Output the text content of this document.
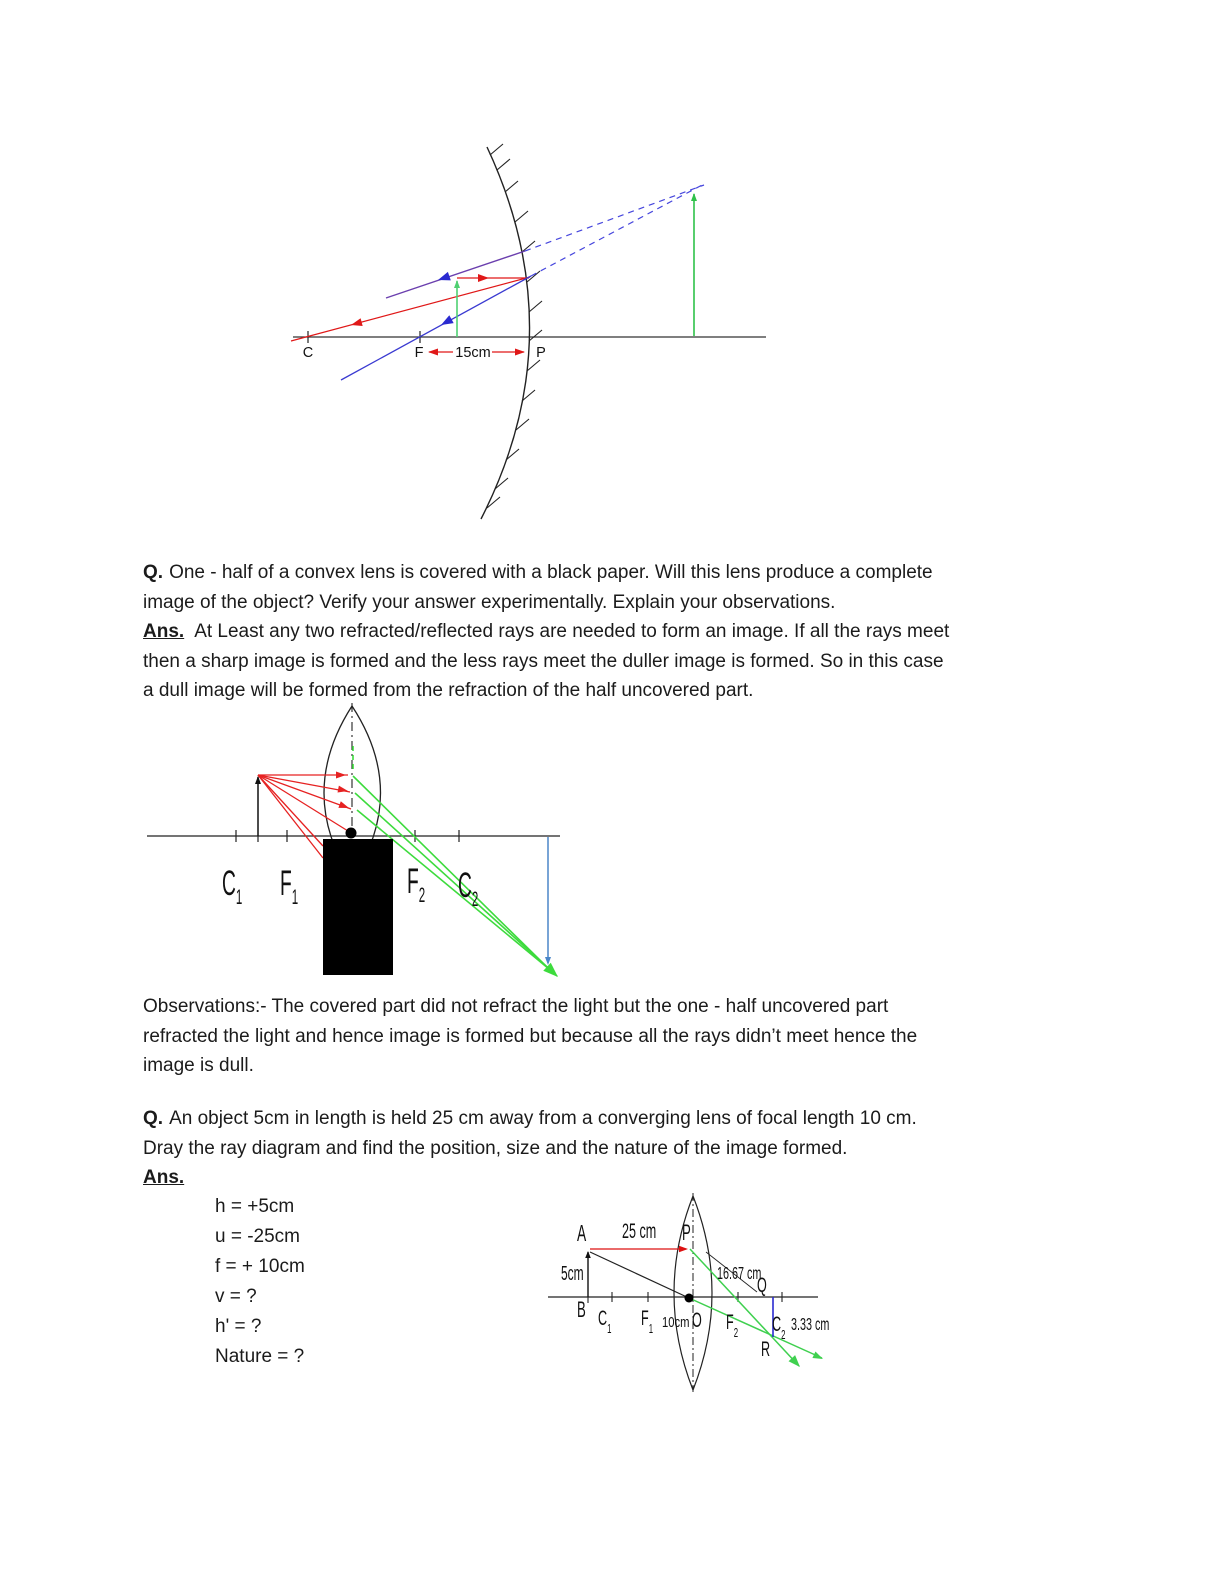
C	F	P
15cm
Q. One - half of a convex lens is covered with a black paper. Will this lens produce a complete
image of the object? Verify your answer experimentally. Explain your observations.
Ans. At Least any two refracted/reflected rays are needed to form an image. If all the rays meet
then a sharp image is formed and the less rays meet the duller image is formed. So in this case
a dull image will be formed from the refraction of the half uncovered part.
$C_1$ $F_1$	$F_2$ $C_2$
Observations:- The covered part did not refract the light but the one - half uncovered part
refracted the light and hence image is formed but because all the rays didn’t meet hence the
image is dull.
Q. An object 5cm in length is held 25 cm away from a converging lens of focal length 10 cm.
Dray the ray diagram and find the position, size and the nature of the image formed.
Ans.
h = +5cm
u = -25cm
f = + 10cm
v = ?
h' = ?
Nature = ?
A 25 cm P
5cm
B $C_1$ $F_1$ 10cm O $F_2$ $C_2$
3.33 cm
16.67 cm
Q
R
